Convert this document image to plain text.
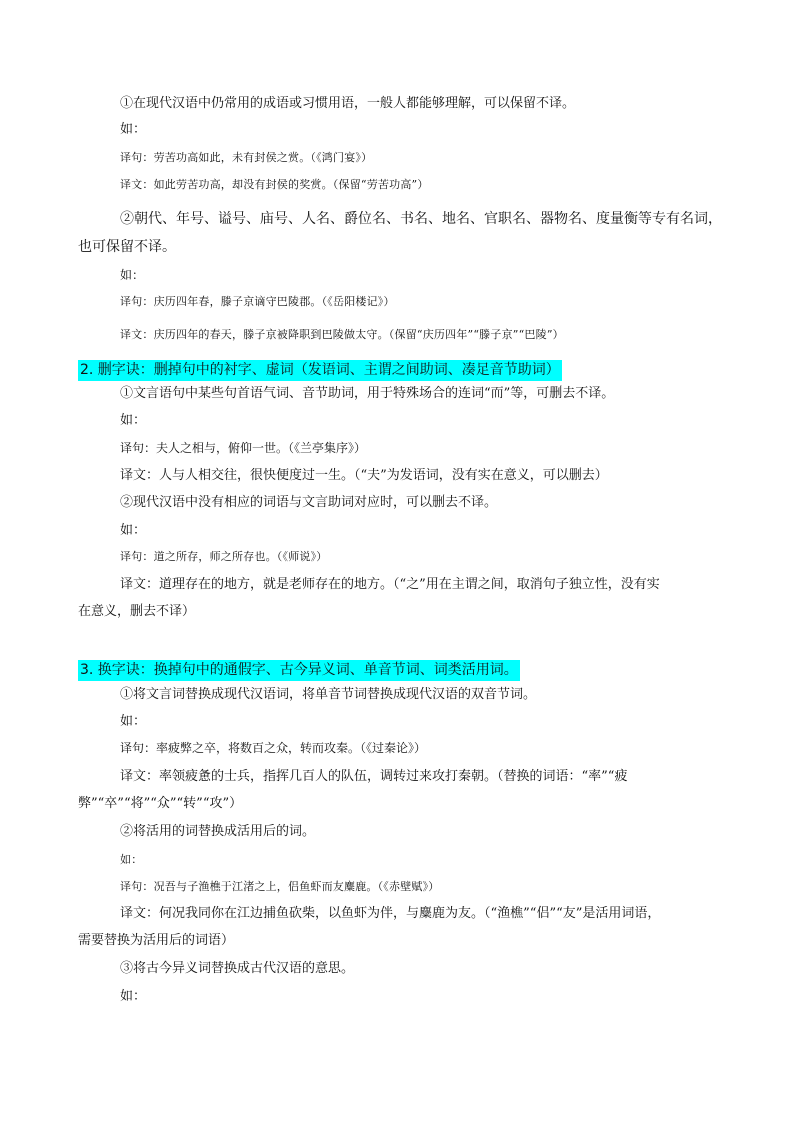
①在现代汉语中仍常用的成语或习惯用语，一般人都能够理解，可以保留不译。
如：
译句：劳苦功高如此，未有封侯之赏。（《鸿门宴》）
译文：如此劳苦功高，却没有封侯的奖赏。（保留“劳苦功高”）
②朝代、年号、谥号、庙号、人名、爵位名、书名、地名、官职名、器物名、度量衡等专有名词，
也可保留不译。
如：
译句：庆历四年春，滕子京谪守巴陵郡。（《岳阳楼记》）
译文：庆历四年的春天，滕子京被降职到巴陵做太守。（保留“庆历四年”“滕子京”“巴陵”）
2. 删字诀：删掉句中的衬字、虚词（发语词、主谓之间助词、凑足音节助词）
①文言语句中某些句首语气词、音节助词，用于特殊场合的连词“而”等，可删去不译。
如：
译句：夫人之相与，俯仰一世。（《兰亭集序》）
译文：人与人相交往，很快便度过一生。（“夫”为发语词，没有实在意义，可以删去）
②现代汉语中没有相应的词语与文言助词对应时，可以删去不译。
如：
译句：道之所存，师之所存也。（《师说》）
译文：道理存在的地方，就是老师存在的地方。（“之”用在主谓之间，取消句子独立性，没有实
在意义，删去不译）
3. 换字诀：换掉句中的通假字、古今异义词、单音节词、词类活用词。
①将文言词替换成现代汉语词，将单音节词替换成现代汉语的双音节词。
如：
译句：率疲弊之卒，将数百之众，转而攻秦。（《过秦论》）
译文：率领疲惫的士兵，指挥几百人的队伍，调转过来攻打秦朝。（替换的词语：“率”“疲
弊”“卒”“将”“众”“转”“攻”）
②将活用的词替换成活用后的词。
如：
译句：况吾与子渔樵于江渚之上，侣鱼虾而友麋鹿。（《赤壁赋》）
译文：何况我同你在江边捕鱼砍柴，以鱼虾为伴，与麋鹿为友。（“渔樵”“侣”“友”是活用词语，
需要替换为活用后的词语）
③将古今异义词替换成古代汉语的意思。
如：
